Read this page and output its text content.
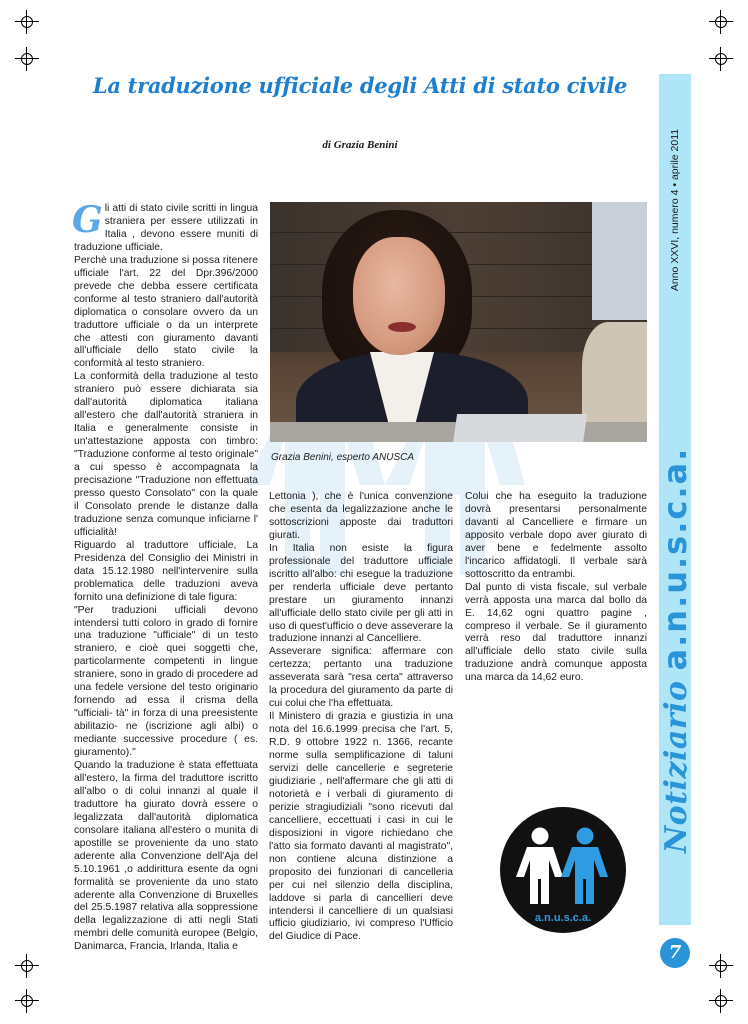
La traduzione ufficiale degli Atti di stato civile
di Grazia Benini
G li atti di stato civile scritti in lingua straniera per essere utilizzati in Italia , devono essere muniti di traduzione ufficiale.

Perchè una traduzione si possa ritenere ufficiale l'art. 22 del Dpr.396/2000 prevede che debba essere certificata conforme al testo straniero dall'autorità diplomatica o consolare ovvero da un traduttore ufficiale o da un interprete che attesti con giuramento davanti all'ufficiale dello stato civile la conformità al testo straniero.

La conformità della traduzione al testo straniero può essere dichiarata sia dall'autorità diplomatica italiana all'estero che dall'autorità straniera in Italia e generalmente consiste in un'attestazione apposta con timbro: "Traduzione conforme al testo originale" a cui spesso è accompagnata la precisazione "Traduzione non effettuata presso questo Consolato" con la quale il Consolato prende le distanze dalla traduzione senza comunque inficiarne l' ufficialità!

Riguardo al traduttore ufficiale, La Presidenza del Consiglio dei Ministri in data 15.12.1980 nell'intervenire sulla problematica delle traduzioni aveva fornito una definizione di tale figura:

"Per traduzioni ufficiali devono intendersi tutti coloro in grado di fornire una traduzione "ufficiale" di un testo straniero, e cioè quei soggetti che, particolarmente competenti in lingue straniere, sono in grado di procedere ad una fedele versione del testo originario fornendo ad essa il crisma della "ufficiali- tà" in forza di una preesistente abilitazio- ne (iscrizione agli albi) o mediante successive procedure ( es. giuramento)."

Quando la traduzione è stata effettuata all'estero, la firma del traduttore iscritto all'albo o di colui innanzi al quale il traduttore ha giurato dovrà essere o legalizzata dall'autorità diplomatica consolare italiana all'estero o munita di apostille se proveniente da uno stato aderente alla Convenzione dell'Aja del 5.10.1961 ,o addirittura esente da ogni formalità se proveniente da uno stato aderente alla Convenzione di Bruxelles del 25.5.1987 relativa alla soppressione della legalizzazione di atti negli Stati membri delle comunità europee (Belgio, Danimarca, Francia, Irlanda, Italia e

Grazia Benini, esperto ANUSCA

Lettonia ), che è l'unica convenzione che esenta da legalizzazione anche le sottoscrizioni apposte dai traduttori giurati.

In Italia non esiste la figura professionale del traduttore ufficiale iscritto all'albo: chi esegue la traduzione per renderla ufficiale deve pertanto prestare un giuramento innanzi all'ufficiale dello stato civile per gli atti in uso di quest'ufficio o deve asseverare la traduzione innanzi al Cancelliere.

Asseverare significa: affermare con certezza; pertanto una traduzione asseverata sarà "resa certa" attraverso la procedura del giuramento da parte di cui colui che l'ha effettuata.

Il Ministero di grazia e giustizia in una nota del 16.6.1999 precisa che l'art. 5, R.D. 9 ottobre 1922 n. 1366, recante norme sulla semplificazione di taluni servizi delle cancellerie e segreterie giudiziarie , nell'affermare che gli atti di notorietà e i verbali di giuramento di perizie stragiudiziali "sono ricevuti dal cancelliere, eccettuati i casi in cui le disposizioni in vigore richiedano che l'atto sia formato davanti al magistrato", non contiene alcuna distinzione a proposito dei funzionari di cancelleria per cui nel silenzio della disciplina, laddove si parla di cancellieri deve intendersi il cancelliere di un qualsiasi ufficio giudiziario, ivi compreso l'Ufficio del Giudice di Pace.

Colui che ha eseguito la traduzione dovrà presentarsi personalmente davanti al Cancelliere e firmare un apposito verbale dopo aver giurato di aver bene e fedelmente assolto l'incarico affidatogli. Il verbale sarà sottoscritto da entrambi.

Dal punto di vista fiscale, sul verbale verrà apposta una marca dal bollo da E. 14,62 ogni quattro pagine , compreso il verbale. Se il giuramento verrà reso dal traduttore innanzi all'ufficiale dello stato civile sulla traduzione andrà comunque apposta una marca da 14,62 euro.

a.n.u.s.c.a.
Anno XXVI, numero 4 • aprile 2011
Notiziarioa.n.u.s.c.a.
7
